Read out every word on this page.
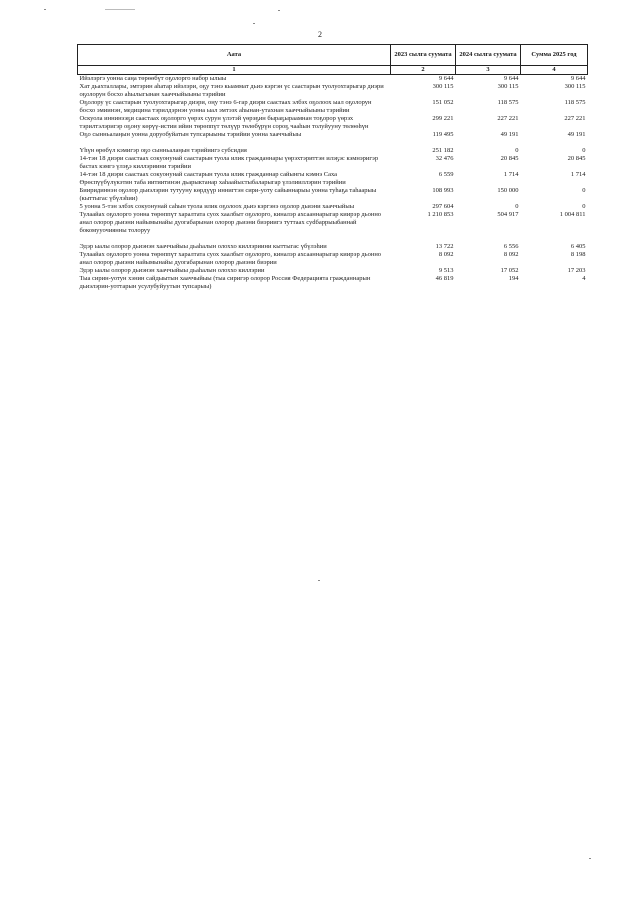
2
Аата	2023 сылга суумата	2024 сылга суумата	Сумма 2025 год
1	2	3	4
Ийэлэргэ уонна саңа төрөөбүт оҕолорго набор ылыы	9 644	9 644	9 644
Хат дьахталлары, эмтэрин аһатар ийэлэри, оҕу тэнэ кыаммат дьиэ кэргэн үс саастарын туолуохтарыгар диэри оҕолорун босхо аһылыгынан хааччыйыыны тэрийии	300 115	300 115	300 115
Оҕолору үс саастарын туолуохтарыгар диэри, оңу тэнэ 6-гар диэри саастаах элбэх оҕолоох ыал оҕолорун босхо эмиинэн, медицина тэрилдэрнэн уонна ыал эмтээх аһынан-утахнан хааччыйыыны тэрийии	151 052	118 575	118 575
Оскуола иннинээҕи саастаах оҕолорго үөрэх сурун үлэтэй үөрэҕин быраҕыраамнан тоҕорор үөрэх тэрилтэлэригэр оҕону көрүү-истии ийин төрөппүт төлүүр төлөбүрүн сороҕ чааһын толуйууну төлөөһүн	299 221	227 221	227 221
Оҕо сынньалаңын уонна доруобуйатын тупсарыыны тэрийии уонна хааччыйыы	119 495	49 191	49 191

Үһүн өрөбүл кэмигэр оҕо сынньалаңын тэрийиигэ субсидия	251 182	0	0
14-тэн 18 диэри саастаах сокуонунай саастарын туола илик гражданнары үөрэхтэриттэн илэҕэс кэмнэригэр бастах кэмгэ үлэҕэ киллэриини тэрийии	32 476	20 845	20 845
14-тэн 18 диэри саастаах сокуонунай саастарын туола илик гражданнар сайынгы кэмнэ Саха Өрөспүүбүлүкэтин таба иитиитинэн дьарыктанар хаһаайыстыбаларыгар үлэлииллэрин тэрийии	6 559	1 714	1 714
Бииридиннэн оҕолор дьиэлэрин тутууну көрдүүр иннигтэн сири-уоту сайыннарыы уонна туһаҕа таһаарыы (кыттыгас үбүлэһии)	108 993	150 000	0
5 уонна 5-тэн элбэх сокуонунай саһын туола илик оҕолоох дьиэ кэргэнэ оҕолор дьиэни хааччыйыы	297 604	0	0
Тулаайах оҕолорго уонна төрөппүт харалтата суох хаалбыт оҕолорго, киналэр ахсааннарыгар киирэр дьонно анал олорор дьиэни найымынайы дуогабарынан олорор дьиэни биэриигэ туттаах суdбаррыыбаннай бокомууочиянны толоруу	1 210 853	504 917	1 004 811

Эдэр ыалы олорор дьиэнэн хааччыйыы дьаһалын олоххо киллэриини кыттыгас үбүлэһии	13 722	6 556	6 405
Тулаайах оҕолорго уонна төрөппүт харалтата суох хаалбыт оҕолорго, киналэр ахсааннарыгар киирэр дьонно анал олорор дьиэни найымынайы дуогабарынан олорор дьиэни биэрии	8 092	8 092	8 198
Эдэр ыалы олорор дьиэнэн хааччыйыы дьаһалын олоххо киллэрии	9 513	17 052	17 203
Тыа сирин-уотун хэнин сайдыытын хааччыйыы (тыа сиригэр олорор Россия Федерацията гражданнарын дьиэлэрин-уоттарын усулубуйуутын тупсарыы)	46 819	194	4
